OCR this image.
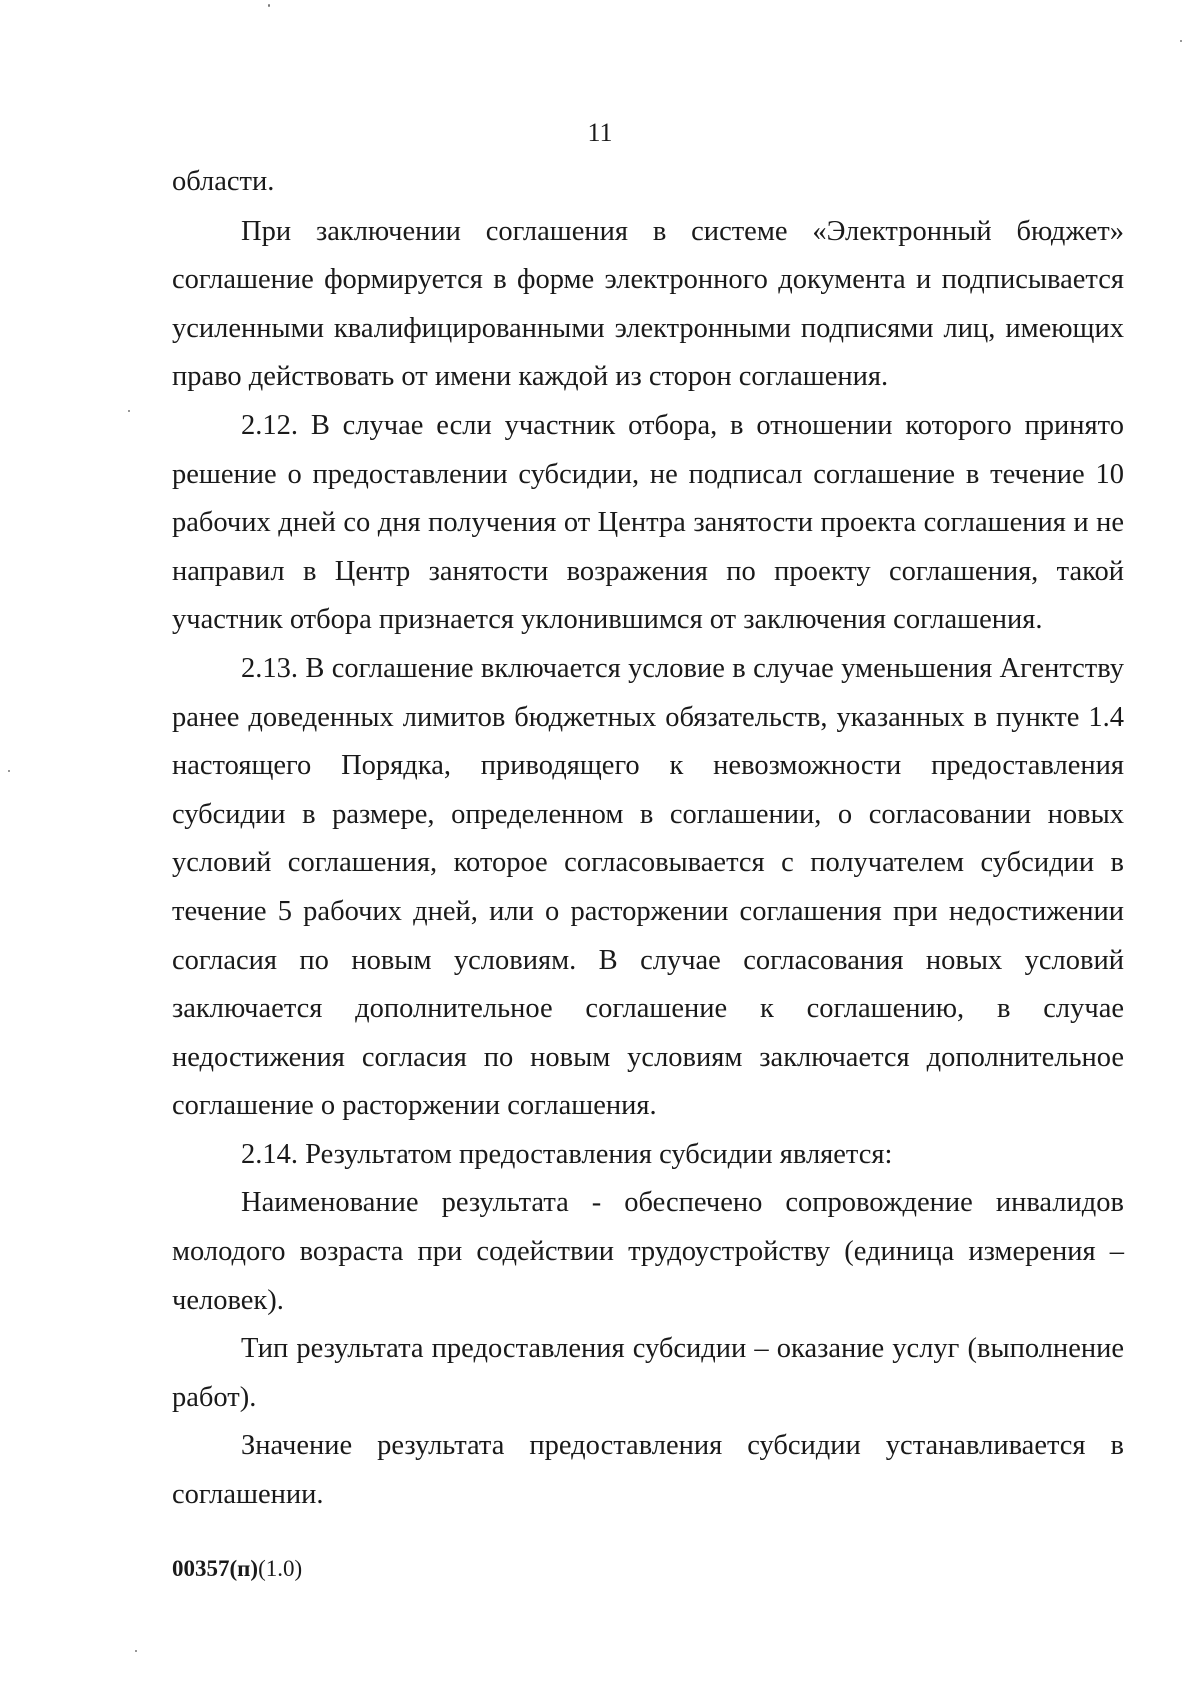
11

области.

При заключении соглашения в системе «Электронный бюджет» соглашение формируется в форме электронного документа и подписывается усиленными квалифицированными электронными подписями лиц, имеющих право действовать от имени каждой из сторон соглашения.

2.12. В случае если участник отбора, в отношении которого принято решение о предоставлении субсидии, не подписал соглашение в течение 10 рабочих дней со дня получения от Центра занятости проекта соглашения и не направил в Центр занятости возражения по проекту соглашения, такой участник отбора признается уклонившимся от заключения соглашения.

2.13. В соглашение включается условие в случае уменьшения Агентству ранее доведенных лимитов бюджетных обязательств, указанных в пункте 1.4 настоящего Порядка, приводящего к невозможности предоставления субсидии в размере, определенном в соглашении, о согласовании новых условий соглашения, которое согласовывается с получателем субсидии в течение 5 рабочих дней, или о расторжении соглашения при недостижении согласия по новым условиям. В случае согласования новых условий заключается дополнительное соглашение к соглашению, в случае недостижения согласия по новым условиям заключается дополнительное соглашение о расторжении соглашения.

2.14. Результатом предоставления субсидии является:

Наименование результата - обеспечено сопровождение инвалидов молодого возраста при содействии трудоустройству (единица измерения – человек).

Тип результата предоставления субсидии – оказание услуг (выполнение работ).

Значение результата предоставления субсидии устанавливается в соглашении.

00357(п)(1.0)
